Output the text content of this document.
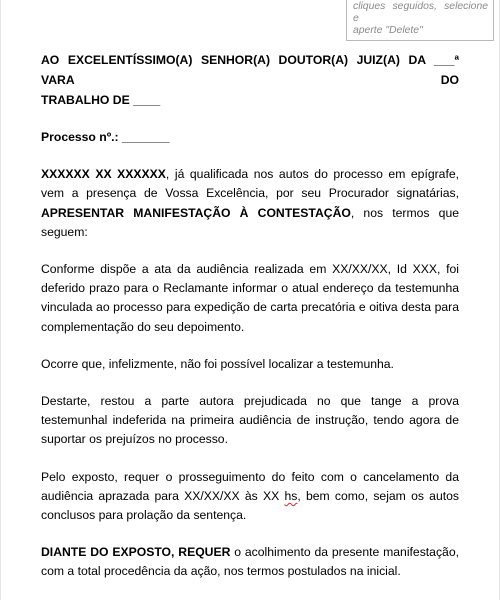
cliques seguidos, selecione e
aperte "Delete"
AO EXCELENTÍSSIMO(A) SENHOR(A) DOUTOR(A) JUIZ(A) DA ___ª VARA DO
TRABALHO DE ____

Processo nº.: _______

XXXXXX XX XXXXXX, já qualificada nos autos do processo em epígrafe, vem a presença de Vossa Excelência, por seu Procurador signatárias, APRESENTAR MANIFESTAÇÃO À CONTESTAÇÃO, nos termos que seguem:

Conforme dispõe a ata da audiência realizada em XX/XX/XX, Id XXX, foi deferido prazo para o Reclamante informar o atual endereço da testemunha vinculada ao processo para expedição de carta precatória e oitiva desta para complementação do seu depoimento.

Ocorre que, infelizmente, não foi possível localizar a testemunha.

Destarte, restou a parte autora prejudicada no que tange a prova testemunhal indeferida na primeira audiência de instrução, tendo agora de suportar os prejuízos no processo.

Pelo exposto, requer o prosseguimento do feito com o cancelamento da audiência aprazada para XX/XX/XX às XX hs, bem como, sejam os autos conclusos para prolação da sentença.

DIANTE DO EXPOSTO, REQUER o acolhimento da presente manifestação, com a total procedência da ação, nos termos postulados na inicial.
